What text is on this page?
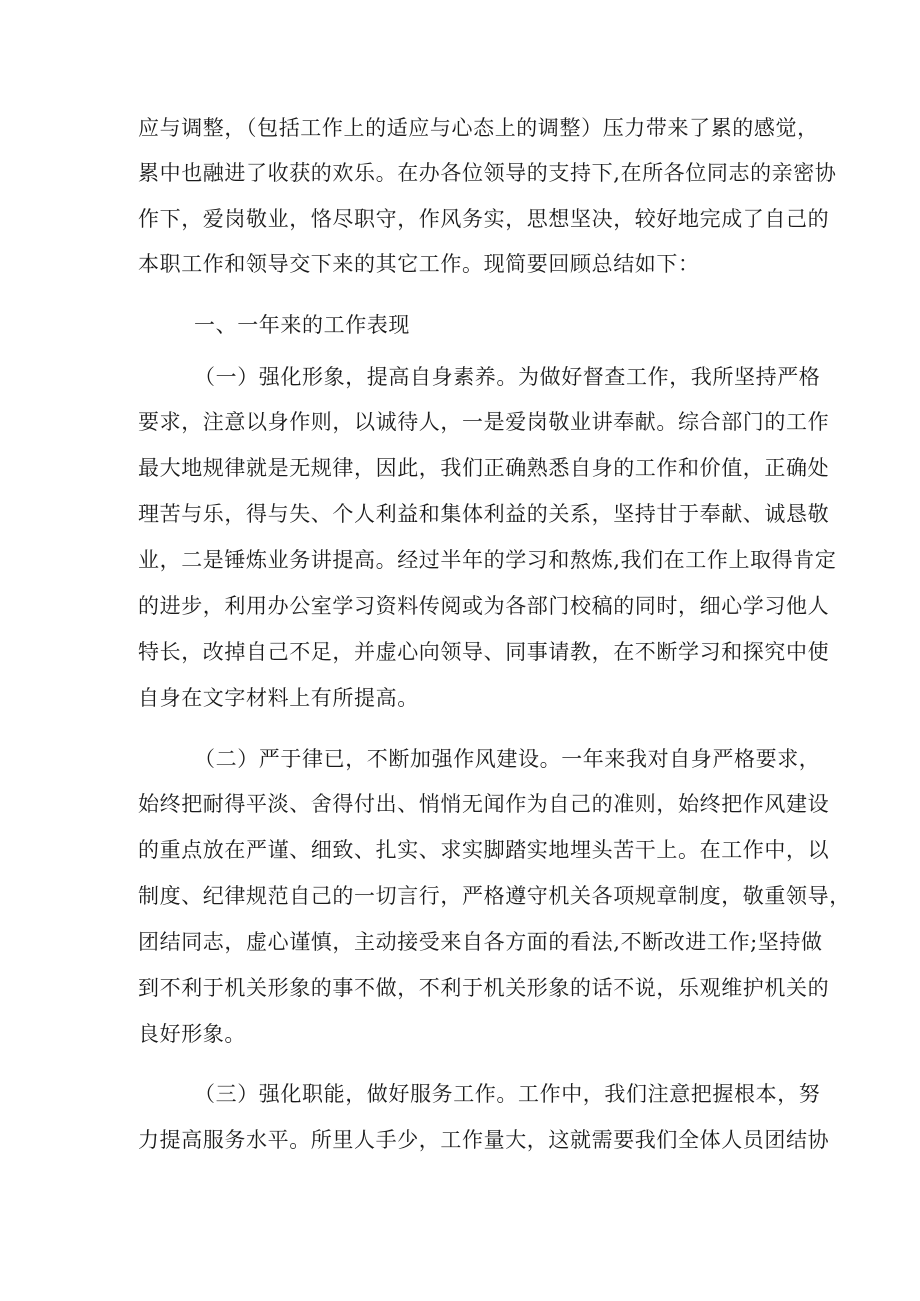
应与调整，（包括工作上的适应与心态上的调整）压力带来了累的感觉，
累中也融进了收获的欢乐。在办各位领导的支持下,在所各位同志的亲密协
作下，爱岗敬业，恪尽职守，作风务实，思想坚决，较好地完成了自己的
本职工作和领导交下来的其它工作。现简要回顾总结如下：
一、一年来的工作表现
（一）强化形象，提高自身素养。为做好督查工作，我所坚持严格
要求，注意以身作则，以诚待人，一是爱岗敬业讲奉献。综合部门的工作
最大地规律就是无规律，因此，我们正确熟悉自身的工作和价值，正确处
理苦与乐，得与失、个人利益和集体利益的关系，坚持甘于奉献、诚恳敬
业，二是锤炼业务讲提高。经过半年的学习和熬炼,我们在工作上取得肯定
的进步，利用办公室学习资料传阅或为各部门校稿的同时，细心学习他人
特长，改掉自己不足，并虚心向领导、同事请教，在不断学习和探究中使
自身在文字材料上有所提高。
（二）严于律已，不断加强作风建设。一年来我对自身严格要求，
始终把耐得平淡、舍得付出、悄悄无闻作为自己的准则，始终把作风建设
的重点放在严谨、细致、扎实、求实脚踏实地埋头苦干上。在工作中，以
制度、纪律规范自己的一切言行，严格遵守机关各项规章制度，敬重领导，
团结同志，虚心谨慎，主动接受来自各方面的看法,不断改进工作;坚持做
到不利于机关形象的事不做，不利于机关形象的话不说，乐观维护机关的
良好形象。
（三）强化职能，做好服务工作。工作中，我们注意把握根本，努
力提高服务水平。所里人手少，工作量大，这就需要我们全体人员团结协
